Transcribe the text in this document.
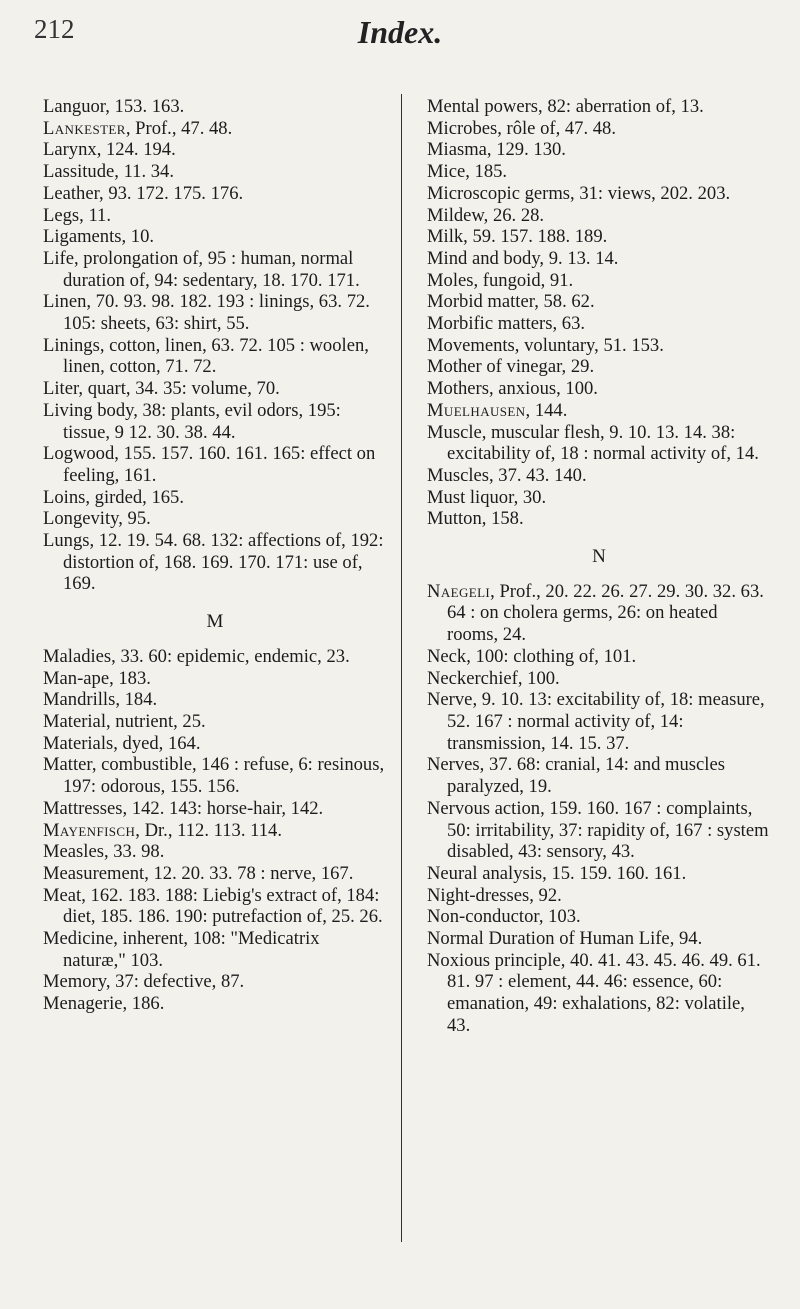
212	Index.

Languor, 153. 163.

Lankester, Prof., 47. 48.

Larynx, 124. 194.

Lassitude, 11. 34.

Leather, 93. 172. 175. 176.

Legs, 11.

Ligaments, 10.

Life, prolongation of, 95 : human, normal duration of, 94: sedentary, 18. 170. 171.

Linen, 70. 93. 98. 182. 193 : linings, 63. 72. 105: sheets, 63: shirt, 55.

Linings, cotton, linen, 63. 72. 105 : woolen, linen, cotton, 71. 72.

Liter, quart, 34. 35: volume, 70.

Living body, 38: plants, evil odors, 195: tissue, 9 12. 30. 38. 44.

Logwood, 155. 157. 160. 161. 165: effect on feeling, 161.

Loins, girded, 165.

Longevity, 95.

Lungs, 12. 19. 54. 68. 132: affections of, 192: distortion of, 168. 169. 170. 171: use of, 169.

M

Maladies, 33. 60: epidemic, endemic, 23.

Man-ape, 183.

Mandrills, 184.

Material, nutrient, 25.

Materials, dyed, 164.

Matter, combustible, 146 : refuse, 6: resinous, 197: odorous, 155. 156.

Mattresses, 142. 143: horse-hair, 142.

Mayenfisch, Dr., 112. 113. 114.

Measles, 33. 98.

Measurement, 12. 20. 33. 78 : nerve, 167.

Meat, 162. 183. 188: Liebig's extract of, 184: diet, 185. 186. 190: putrefaction of, 25. 26.

Medicine, inherent, 108: "Medicatrix naturæ," 103.

Memory, 37: defective, 87.

Menagerie, 186.

Mental powers, 82: aberration of, 13.

Microbes, rôle of, 47. 48.

Miasma, 129. 130.

Mice, 185.

Microscopic germs, 31: views, 202. 203.

Mildew, 26. 28.

Milk, 59. 157. 188. 189.

Mind and body, 9. 13. 14.

Moles, fungoid, 91.

Morbid matter, 58. 62.

Morbific matters, 63.

Movements, voluntary, 51. 153.

Mother of vinegar, 29.

Mothers, anxious, 100.

Muelhausen, 144.

Muscle, muscular flesh, 9. 10. 13. 14. 38: excitability of, 18 : normal activity of, 14.

Muscles, 37. 43. 140.

Must liquor, 30.

Mutton, 158.

N

Naegeli, Prof., 20. 22. 26. 27. 29. 30. 32. 63. 64 : on cholera germs, 26: on heated rooms, 24.

Neck, 100: clothing of, 101.

Neckerchief, 100.

Nerve, 9. 10. 13: excitability of, 18: measure, 52. 167 : normal activity of, 14: transmission, 14. 15. 37.

Nerves, 37. 68: cranial, 14: and muscles paralyzed, 19.

Nervous action, 159. 160. 167 : complaints, 50: irritability, 37: rapidity of, 167 : system disabled, 43: sensory, 43.

Neural analysis, 15. 159. 160. 161.

Night-dresses, 92.

Non-conductor, 103.

Normal Duration of Human Life, 94.

Noxious principle, 40. 41. 43. 45. 46. 49. 61. 81. 97 : element, 44. 46: essence, 60: emanation, 49: exhalations, 82: volatile, 43.
